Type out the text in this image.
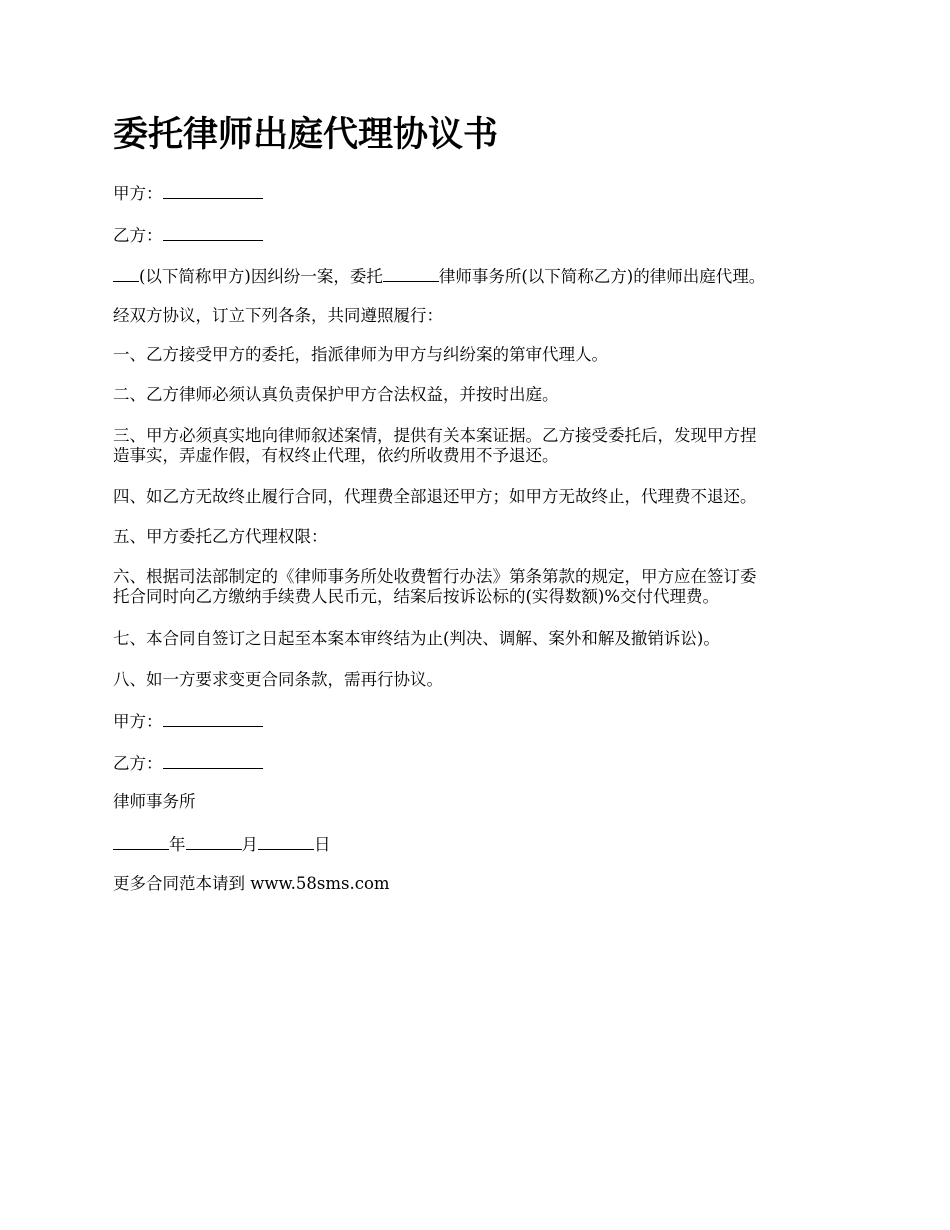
委托律师出庭代理协议书

甲方：

乙方：

(以下简称甲方)因纠纷一案，委托	律师事务所(以下简称乙方)的律师出庭代理。

经双方协议，订立下列各条，共同遵照履行：

一、乙方接受甲方的委托，指派律师为甲方与纠纷案的第审代理人。

二、乙方律师必须认真负责保护甲方合法权益，并按时出庭。

三、甲方必须真实地向律师叙述案情，提供有关本案证据。乙方接受委托后，发现甲方捏
造事实，弄虚作假，有权终止代理，依约所收费用不予退还。

四、如乙方无故终止履行合同，代理费全部退还甲方；如甲方无故终止，代理费不退还。

五、甲方委托乙方代理权限：

六、根据司法部制定的《律师事务所处收费暂行办法》第条第款的规定，甲方应在签订委
托合同时向乙方缴纳手续费人民币元，结案后按诉讼标的(实得数额)%交付代理费。

七、本合同自签订之日起至本案本审终结为止(判决、调解、案外和解及撤销诉讼)。

八、如一方要求变更合同条款，需再行协议。

甲方：

乙方：

律师事务所

年	月	日

更多合同范本请到 www.58sms.com
